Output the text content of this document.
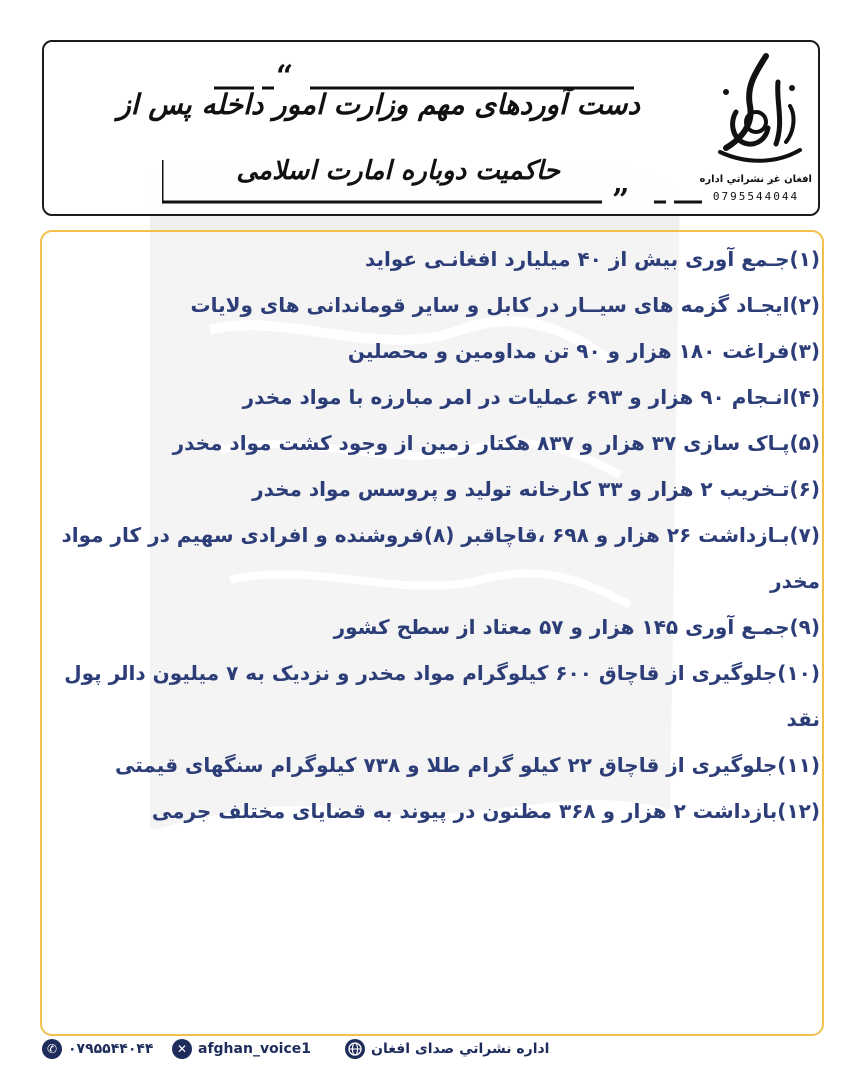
“
”
دست آوردهای مهم وزارت امور داخله پس از
حاکمیت دوباره امارت اسلامی	افغان غږ نشراتي اداره
0795544044
(۱)جـمع آوری بیش از ۴۰ میلیارد افغانـی عواید
(۲)ایجـاد گزمه های سیــار در کابل و سایر قوماندانی های ولایات
(۳)فراغت ۱۸۰ هزار و ۹۰ تن مداومین و محصلین
(۴)انـجام ۹۰ هزار و ۶۹۳ عملیات در امر مبارزه با مواد مخدر
(۵)پـاک سازی ۳۷ هزار و ۸۳۷ هکتار زمین از وجود کشت مواد مخدر
(۶)تـخریب ۲ هزار و ۳۳ کارخانه تولید و پروسس مواد مخدر
(۷)بـازداشت ۲۶ هزار و ۶۹۸ ،قاچاقبر (۸)فروشنده و افرادی سهیم در کار مواد مخدر
(۹)جمـع آوری ۱۴۵ هزار و ۵۷ معتاد از سطح کشور
(۱۰)جلوگیری از قاچاق ۶۰۰ کیلوگرام مواد مخدر و نزدیک به ۷ میلیون دالر پول نقد
(۱۱)جلوگیری از قاچاق ۲۲ کیلو گرام طلا و ۷۳۸ کیلوگرام سنگهای قیمتی
(۱۲)بازداشت ۲ هزار و ۳۶۸ مظنون در پیوند به قضایای مختلف جرمی
✆ ۰۷۹۵۵۴۴۰۴۴	✕ afghan_voice1	اداره نشراتي صدای افغان
